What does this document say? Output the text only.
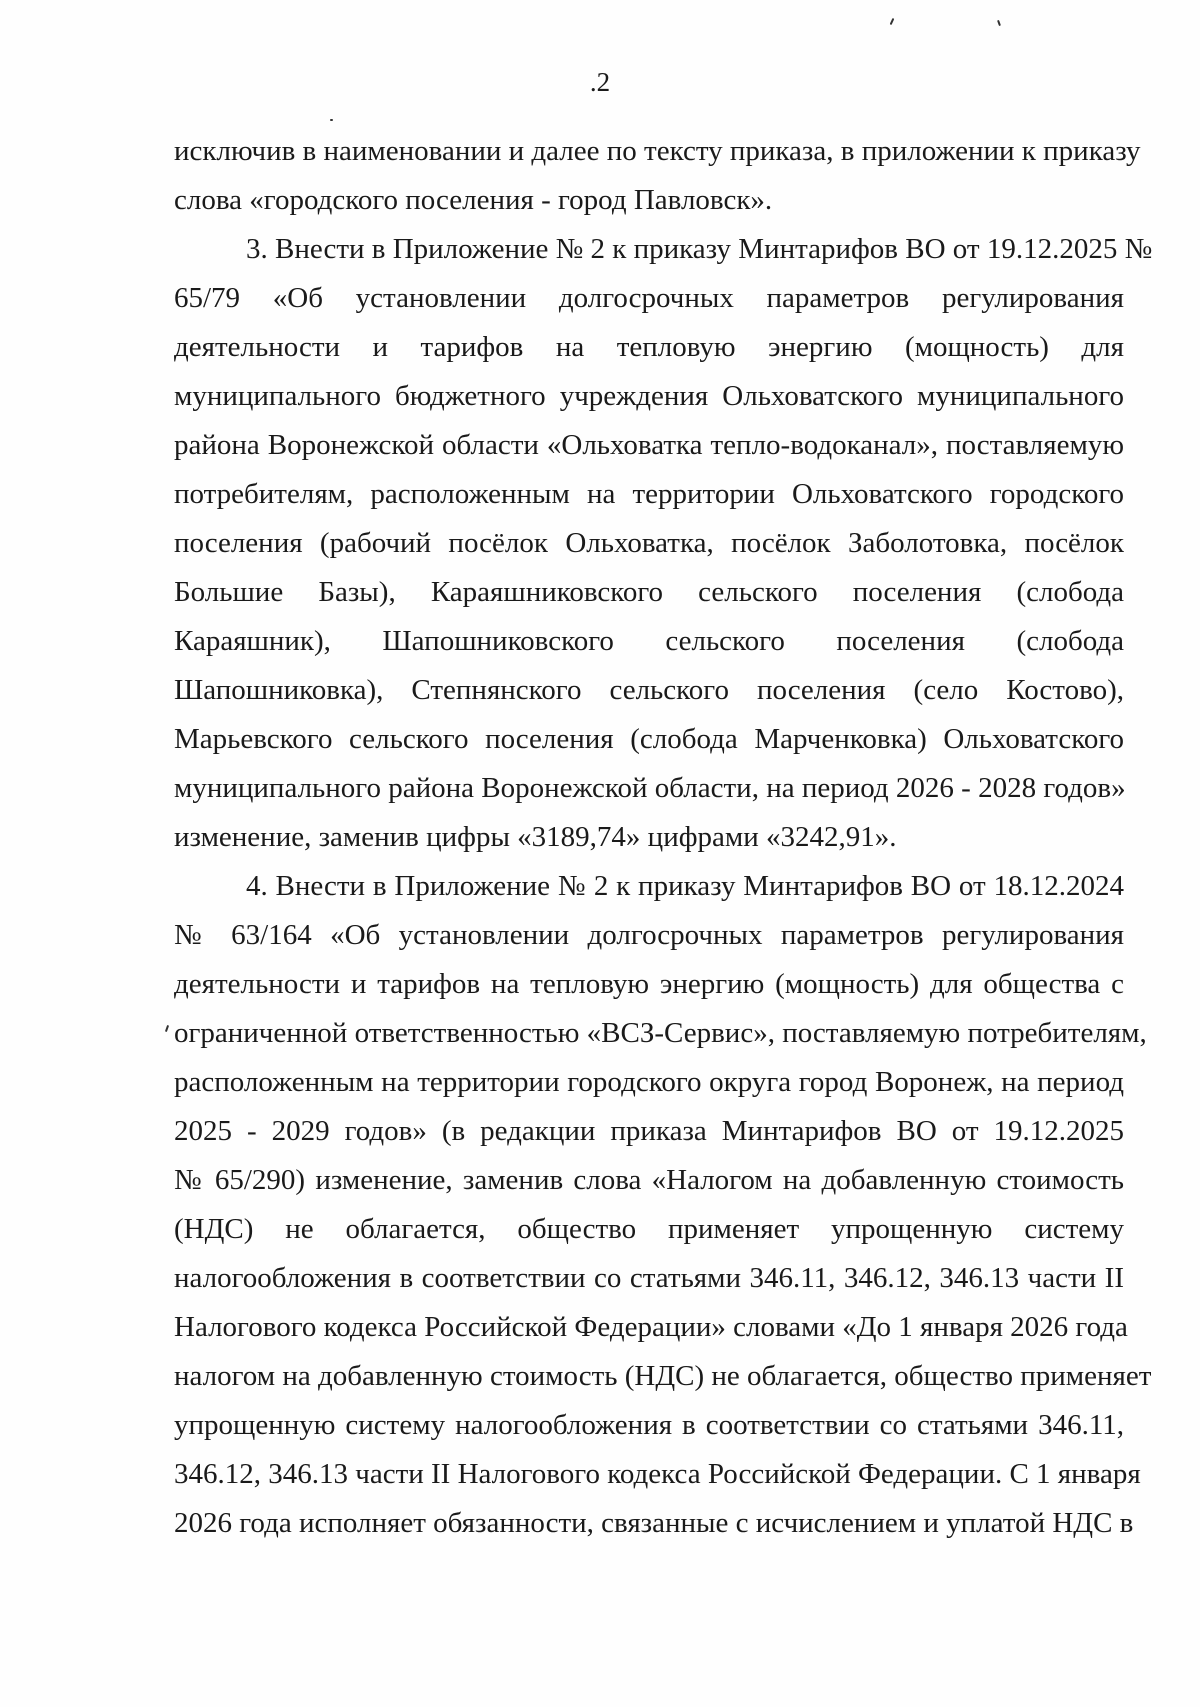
.2
исключив в наименовании и далее по тексту приказа, в приложении к приказу
слова «городского поселения - город Павловск».
3. Внести в Приложение № 2 к приказу Минтарифов ВО от 19.12.2025 №
65/79 «Об установлении долгосрочных параметров регулирования
деятельности и тарифов на тепловую энергию (мощность) для
муниципального бюджетного учреждения Ольховатского муниципального
района Воронежской области «Ольховатка тепло-водоканал», поставляемую
потребителям, расположенным на территории Ольховатского городского
поселения (рабочий посёлок Ольховатка, посёлок Заболотовка, посёлок
Большие Базы), Караяшниковского сельского поселения (слобода
Караяшник), Шапошниковского сельского поселения (слобода
Шапошниковка), Степнянского сельского поселения (село Костово),
Марьевского сельского поселения (слобода Марченковка) Ольховатского
муниципального района Воронежской области, на период 2026 - 2028 годов»
изменение, заменив цифры «3189,74» цифрами «3242,91».
4. Внести в Приложение № 2 к приказу Минтарифов ВО от 18.12.2024
№ 63/164 «Об установлении долгосрочных параметров регулирования
деятельности и тарифов на тепловую энергию (мощность) для общества с
ограниченной ответственностью «ВСЗ-Сервис», поставляемую потребителям,
расположенным на территории городского округа город Воронеж, на период
2025 - 2029 годов» (в редакции приказа Минтарифов ВО от 19.12.2025
№ 65/290) изменение, заменив слова «Налогом на добавленную стоимость
(НДС) не облагается, общество применяет упрощенную систему
налогообложения в соответствии со статьями 346.11, 346.12, 346.13 части II
Налогового кодекса Российской Федерации» словами «До 1 января 2026 года
налогом на добавленную стоимость (НДС) не облагается, общество применяет
упрощенную систему налогообложения в соответствии со статьями 346.11,
346.12, 346.13 части II Налогового кодекса Российской Федерации. С 1 января
2026 года исполняет обязанности, связанные с исчислением и уплатой НДС в
